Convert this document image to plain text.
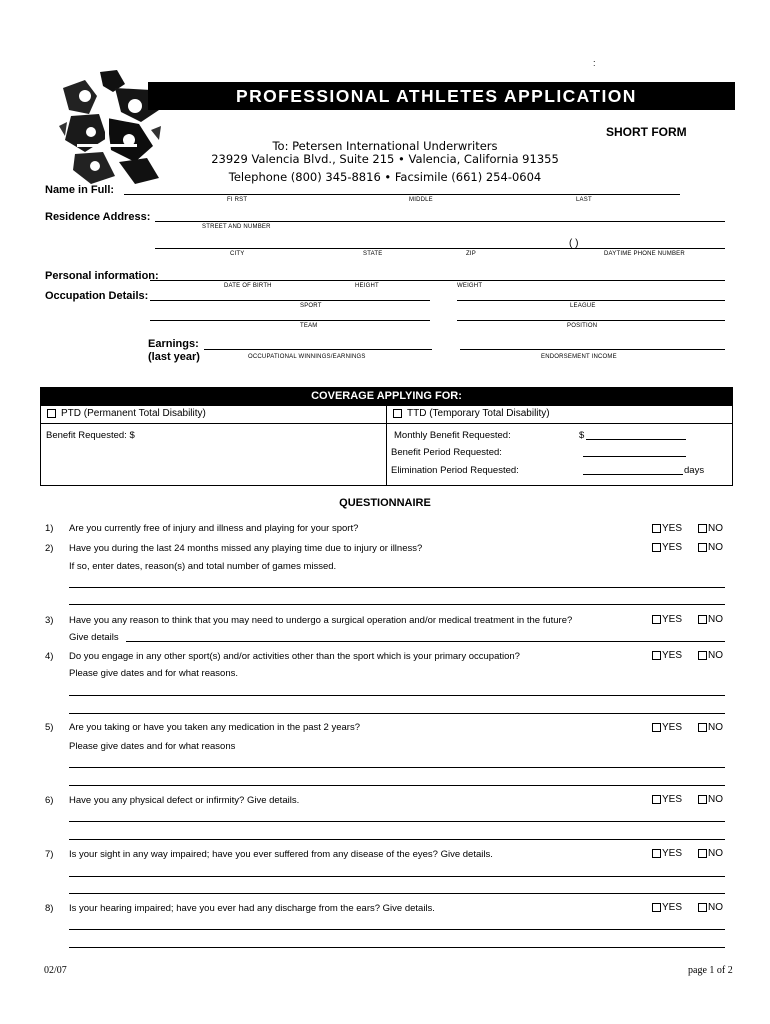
:
PROFESSIONAL ATHLETES APPLICATION
SHORT FORM
To: Petersen International Underwriters
23929 Valencia Blvd., Suite 215 • Valencia, California 91355
Telephone (800) 345-8816 • Facsimile (661) 254-0604
Name in Full:
FI RST	MIDDLE	LAST
Residence Address:
STREET AND NUMBER
( )
CITY	STATE	ZIP	DAYTIME PHONE NUMBER
Personal information:
DATE OF BIRTH	HEIGHT	WEIGHT
Occupation Details:
SPORT	LEAGUE
TEAM	POSITION
Earnings:
(last year)	OCCUPATIONAL WINNINGS/EARNINGS	ENDORSEMENT INCOME
COVERAGE APPLYING FOR:
PTD (Permanent Total Disability)	TTD (Temporary Total Disability)
Benefit Requested: $	Monthly Benefit Requested:	$
Benefit Period Requested:
Elimination Period Requested:	days
QUESTIONNAIRE
1) Are you currently free of injury and illness and playing for your sport?	YES	NO
2) Have you during the last 24 months missed any playing time due to injury or illness?
If so, enter dates, reason(s) and total number of games missed.
YES	NO
3) Have you any reason to think that you may need to undergo a surgical operation and/or medical treatment in the future?	YES	NO
Give details
4) Do you engage in any other sport(s) and/or activities other than the sport which is your primary occupation?	YES	NO
Please give dates and for what reasons.
5) Are you taking or have you taken any medication in the past 2 years?	YES	NO
Please give dates and for what reasons
6) Have you any physical defect or infirmity? Give details.	YES	NO
7) Is your sight in any way impaired; have you ever suffered from any disease of the eyes? Give details.	YES	NO
8) Is your hearing impaired; have you ever had any discharge from the ears? Give details.	YES	NO
02/07	page 1 of 2
